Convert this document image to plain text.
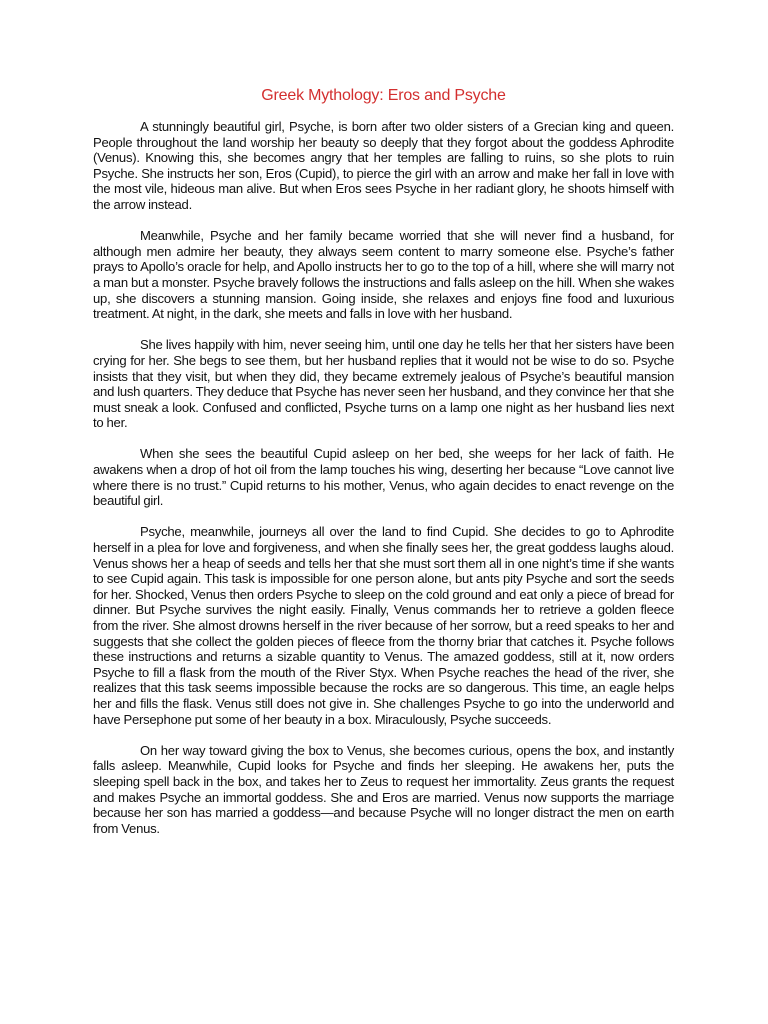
Greek Mythology: Eros and Psyche

A stunningly beautiful girl, Psyche, is born after two older sisters of a Grecian king and queen. People throughout the land worship her beauty so deeply that they forgot about the goddess Aphrodite (Venus). Knowing this, she becomes angry that her temples are falling to ruins, so she plots to ruin Psyche. She instructs her son, Eros (Cupid), to pierce the girl with an arrow and make her fall in love with the most vile, hideous man alive. But when Eros sees Psyche in her radiant glory, he shoots himself with the arrow instead.

Meanwhile, Psyche and her family became worried that she will never find a husband, for although men admire her beauty, they always seem content to marry someone else. Psyche’s father prays to Apollo’s oracle for help, and Apollo instructs her to go to the top of a hill, where she will marry not a man but a monster. Psyche bravely follows the instructions and falls asleep on the hill. When she wakes up, she discovers a stunning mansion. Going inside, she relaxes and enjoys fine food and luxurious treatment. At night, in the dark, she meets and falls in love with her husband.

She lives happily with him, never seeing him, until one day he tells her that her sisters have been crying for her. She begs to see them, but her husband replies that it would not be wise to do so. Psyche insists that they visit, but when they did, they became extremely jealous of Psyche’s beautiful mansion and lush quarters. They deduce that Psyche has never seen her husband, and they convince her that she must sneak a look. Confused and conflicted, Psyche turns on a lamp one night as her husband lies next to her.

When she sees the beautiful Cupid asleep on her bed, she weeps for her lack of faith. He awakens when a drop of hot oil from the lamp touches his wing, deserting her because “Love cannot live where there is no trust.” Cupid returns to his mother, Venus, who again decides to enact revenge on the beautiful girl.

Psyche, meanwhile, journeys all over the land to find Cupid. She decides to go to Aphrodite herself in a plea for love and forgiveness, and when she finally sees her, the great goddess laughs aloud. Venus shows her a heap of seeds and tells her that she must sort them all in one night’s time if she wants to see Cupid again. This task is impossible for one person alone, but ants pity Psyche and sort the seeds for her. Shocked, Venus then orders Psyche to sleep on the cold ground and eat only a piece of bread for dinner. But Psyche survives the night easily. Finally, Venus commands her to retrieve a golden fleece from the river. She almost drowns herself in the river because of her sorrow, but a reed speaks to her and suggests that she collect the golden pieces of fleece from the thorny briar that catches it. Psyche follows these instructions and returns a sizable quantity to Venus. The amazed goddess, still at it, now orders Psyche to fill a flask from the mouth of the River Styx. When Psyche reaches the head of the river, she realizes that this task seems impossible because the rocks are so dangerous. This time, an eagle helps her and fills the flask. Venus still does not give in. She challenges Psyche to go into the underworld and have Persephone put some of her beauty in a box. Miraculously, Psyche succeeds.

On her way toward giving the box to Venus, she becomes curious, opens the box, and instantly falls asleep. Meanwhile, Cupid looks for Psyche and finds her sleeping. He awakens her, puts the sleeping spell back in the box, and takes her to Zeus to request her immortality. Zeus grants the request and makes Psyche an immortal goddess. She and Eros are married. Venus now supports the marriage because her son has married a goddess—and because Psyche will no longer distract the men on earth from Venus.
